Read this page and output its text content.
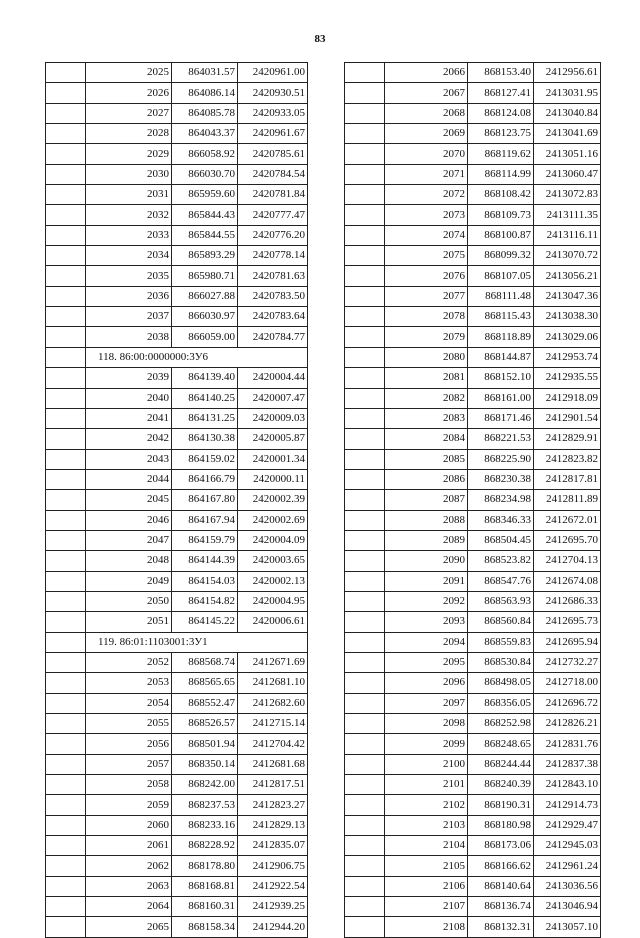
83
	2025	864031.57	2420961.00
	2026	864086.14	2420930.51
	2027	864085.78	2420933.05
	2028	864043.37	2420961.67
	2029	866058.92	2420785.61
	2030	866030.70	2420784.54
	2031	865959.60	2420781.84
	2032	865844.43	2420777.47
	2033	865844.55	2420776.20
	2034	865893.29	2420778.14
	2035	865980.71	2420781.63
	2036	866027.88	2420783.50
	2037	866030.97	2420783.64
	2038	866059.00	2420784.77
	118. 86:00:0000000:3У6		
	2039	864139.40	2420004.44
	2040	864140.25	2420007.47
	2041	864131.25	2420009.03
	2042	864130.38	2420005.87
	2043	864159.02	2420001.34
	2044	864166.79	2420000.11
	2045	864167.80	2420002.39
	2046	864167.94	2420002.69
	2047	864159.79	2420004.09
	2048	864144.39	2420003.65
	2049	864154.03	2420002.13
	2050	864154.82	2420004.95
	2051	864145.22	2420006.61
	119. 86:01:1103001:3У1		
	2052	868568.74	2412671.69
	2053	868565.65	2412681.10
	2054	868552.47	2412682.60
	2055	868526.57	2412715.14
	2056	868501.94	2412704.42
	2057	868350.14	2412681.68
	2058	868242.00	2412817.51
	2059	868237.53	2412823.27
	2060	868233.16	2412829.13
	2061	868228.92	2412835.07
	2062	868178.80	2412906.75
	2063	868168.81	2412922.54
	2064	868160.31	2412939.25
	2065	868158.34	2412944.20
	2066	868153.40	2412956.61
	2067	868127.41	2413031.95
	2068	868124.08	2413040.84
	2069	868123.75	2413041.69
	2070	868119.62	2413051.16
	2071	868114.99	2413060.47
	2072	868108.42	2413072.83
	2073	868109.73	2413111.35
	2074	868100.87	2413116.11
	2075	868099.32	2413070.72
	2076	868107.05	2413056.21
	2077	868111.48	2413047.36
	2078	868115.43	2413038.30
	2079	868118.89	2413029.06
	2080	868144.87	2412953.74
	2081	868152.10	2412935.55
	2082	868161.00	2412918.09
	2083	868171.46	2412901.54
	2084	868221.53	2412829.91
	2085	868225.90	2412823.82
	2086	868230.38	2412817.81
	2087	868234.98	2412811.89
	2088	868346.33	2412672.01
	2089	868504.45	2412695.70
	2090	868523.82	2412704.13
	2091	868547.76	2412674.08
	2092	868563.93	2412686.33
	2093	868560.84	2412695.73
	2094	868559.83	2412695.94
	2095	868530.84	2412732.27
	2096	868498.05	2412718.00
	2097	868356.05	2412696.72
	2098	868252.98	2412826.21
	2099	868248.65	2412831.76
	2100	868244.44	2412837.38
	2101	868240.39	2412843.10
	2102	868190.31	2412914.73
	2103	868180.98	2412929.47
	2104	868173.06	2412945.03
	2105	868166.62	2412961.24
	2106	868140.64	2413036.56
	2107	868136.74	2413046.94
	2108	868132.31	2413057.10
